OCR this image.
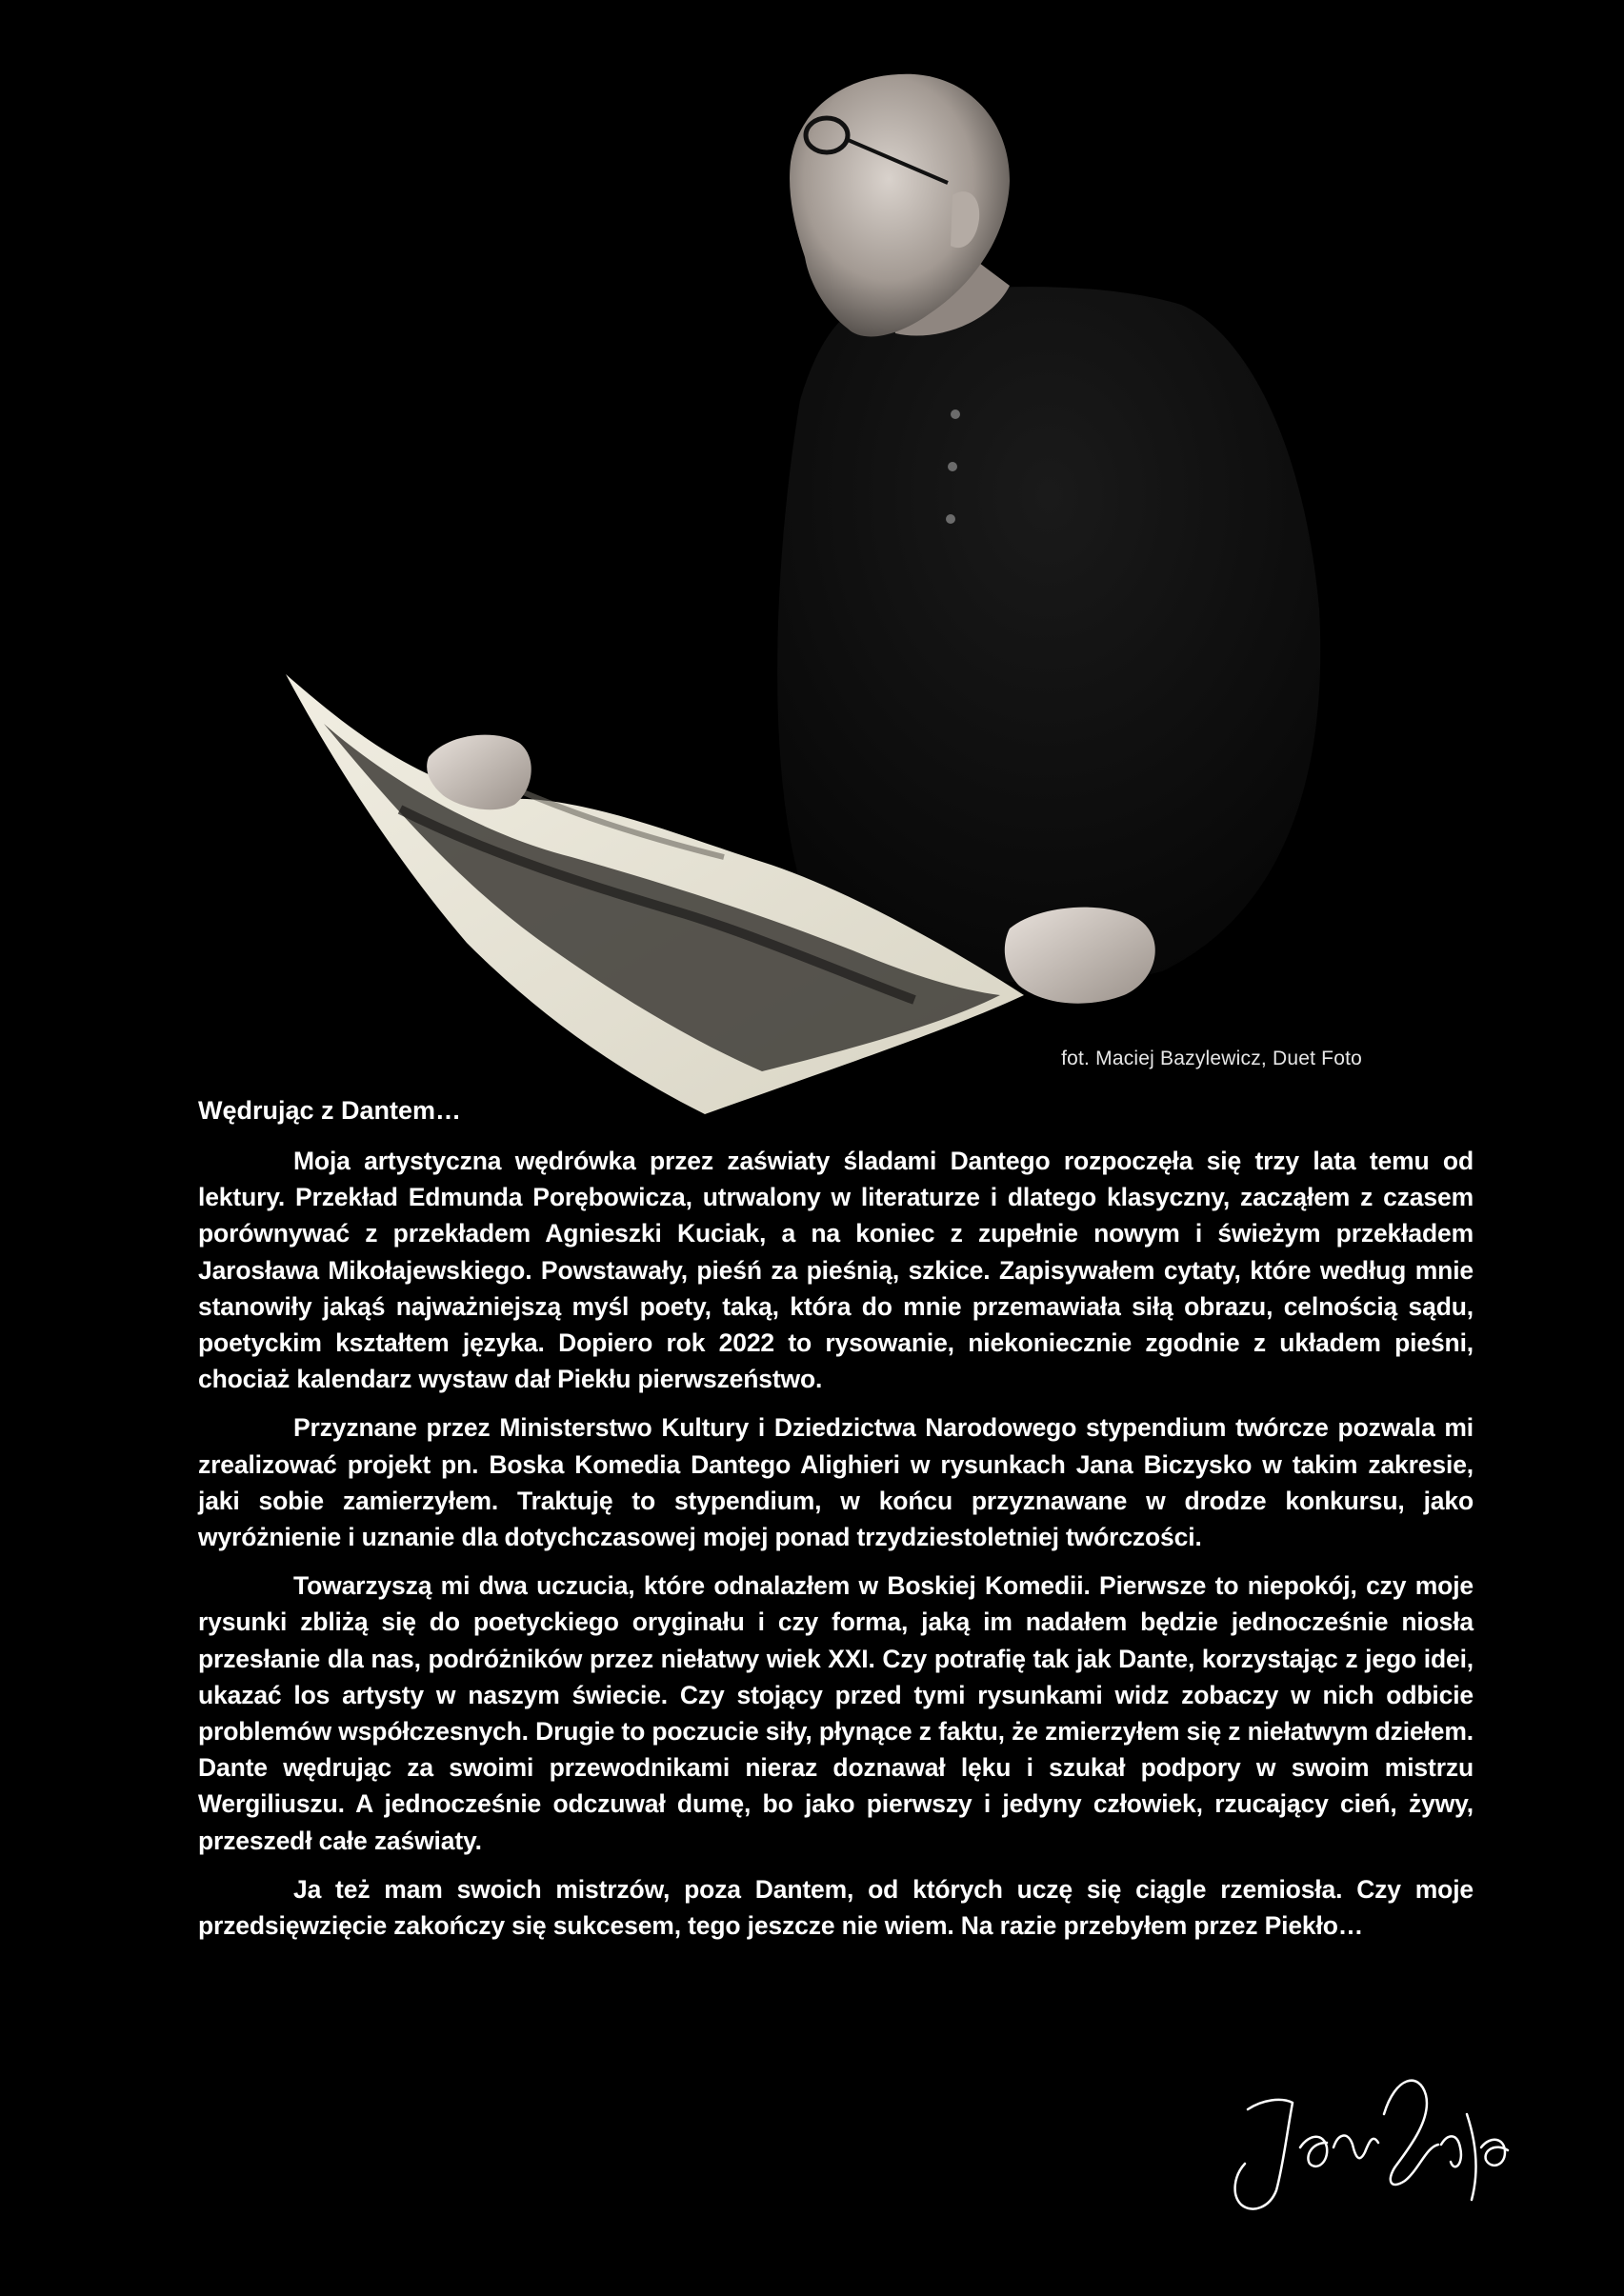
fot. Maciej Bazylewicz, Duet Foto
Wędrując z Dantem…

Moja artystyczna wędrówka przez zaświaty śladami Dantego rozpoczęła się trzy lata temu od lektury. Przekład Edmunda Porębowicza, utrwalony w literaturze i dlatego klasyczny, zacząłem z czasem porównywać z przekładem Agnieszki Kuciak, a na koniec z zupełnie nowym i świeżym przekładem Jarosława Mikołajewskiego. Powstawały, pieśń za pieśnią, szkice. Zapisywałem cytaty, które według mnie stanowiły jakąś najważniejszą myśl poety, taką, która do mnie przemawiała siłą obrazu, celnością sądu, poetyckim kształtem języka. Dopiero rok 2022 to rysowanie, niekoniecznie zgodnie z układem pieśni, chociaż kalendarz wystaw dał Piekłu pierwszeństwo.

Przyznane przez Ministerstwo Kultury i Dziedzictwa Narodowego stypendium twórcze pozwala mi zrealizować projekt pn. Boska Komedia Dantego Alighieri w rysunkach Jana Biczysko w takim zakresie, jaki sobie zamierzyłem. Traktuję to stypendium, w końcu przyznawane w drodze konkursu, jako wyróżnienie i uznanie dla dotychczasowej mojej ponad trzydziestoletniej twórczości.

Towarzyszą mi dwa uczucia, które odnalazłem w Boskiej Komedii. Pierwsze to niepokój, czy moje rysunki zbliżą się do poetyckiego oryginału i czy forma, jaką im nadałem będzie jednocześnie niosła przesłanie dla nas, podróżników przez niełatwy wiek XXI. Czy potrafię tak jak Dante, korzystając z jego idei, ukazać los artysty w naszym świecie. Czy stojący przed tymi rysunkami widz zobaczy w nich odbicie problemów współczesnych. Drugie to poczucie siły, płynące z faktu, że zmierzyłem się z niełatwym dziełem. Dante wędrując za swoimi przewodnikami nieraz doznawał lęku i szukał podpory w swoim mistrzu Wergiliuszu. A jednocześnie odczuwał dumę, bo jako pierwszy i jedyny człowiek, rzucający cień, żywy, przeszedł całe zaświaty.

Ja też mam swoich mistrzów, poza Dantem, od których uczę się ciągle rzemiosła. Czy moje przedsięwzięcie zakończy się sukcesem, tego jeszcze nie wiem. Na razie przebyłem przez Piekło…
